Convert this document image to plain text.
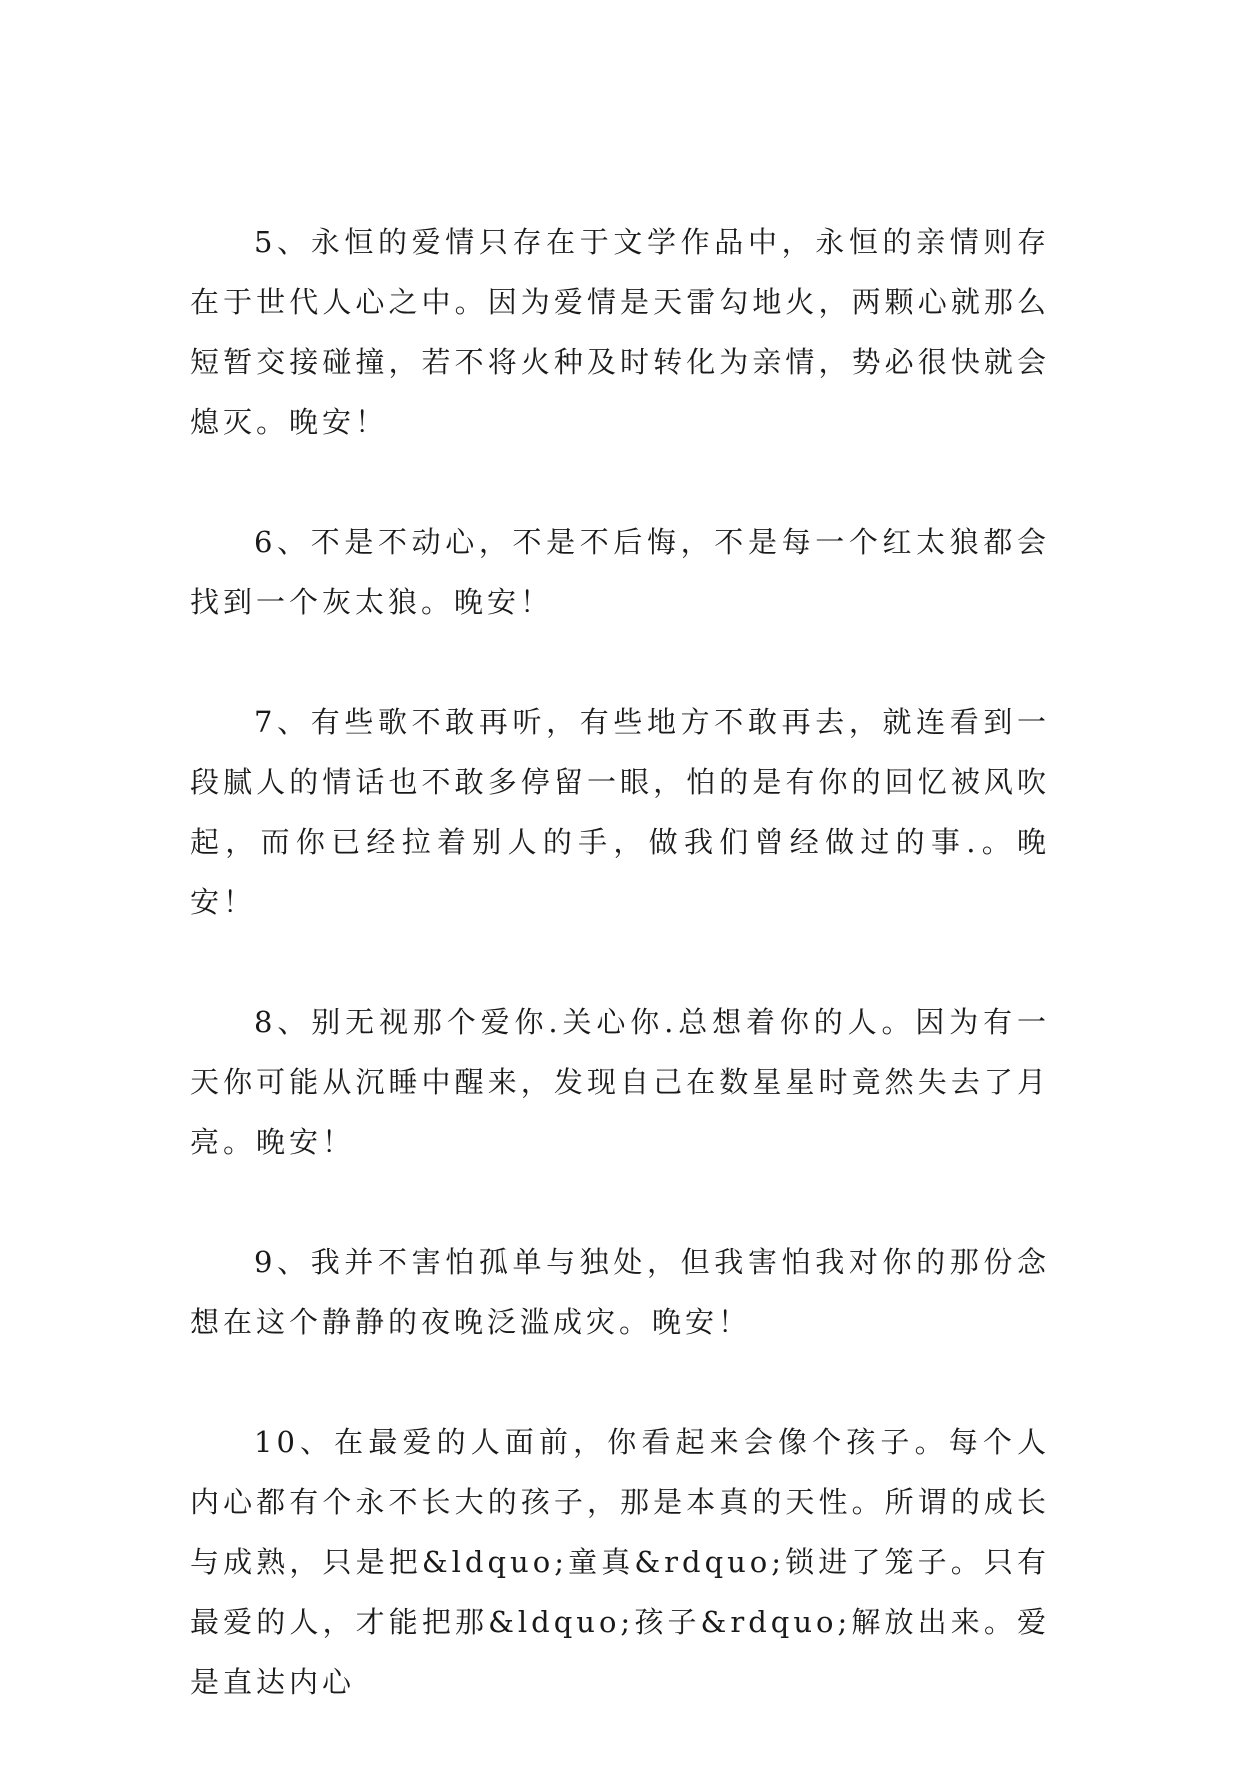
5、永恒的爱情只存在于文学作品中，永恒的亲情则存在于世代人心之中。因为爱情是天雷勾地火，两颗心就那么短暂交接碰撞，若不将火种及时转化为亲情，势必很快就会熄灭。晚安！

6、不是不动心，不是不后悔，不是每一个红太狼都会找到一个灰太狼。晚安！

7、有些歌不敢再听，有些地方不敢再去，就连看到一段腻人的情话也不敢多停留一眼，怕的是有你的回忆被风吹起，而你已经拉着别人的手，做我们曾经做过的事.。晚安！

8、别无视那个爱你.关心你.总想着你的人。因为有一天你可能从沉睡中醒来，发现自己在数星星时竟然失去了月亮。晚安！

9、我并不害怕孤单与独处，但我害怕我对你的那份念想在这个静静的夜晚泛滥成灾。晚安！

10、在最爱的人面前，你看起来会像个孩子。每个人内心都有个永不长大的孩子，那是本真的天性。所谓的成长与成熟，只是把&ldquo;童真&rdquo;锁进了笼子。只有最爱的人，才能把那&ldquo;孩子&rdquo;解放出来。爱是直达内心
